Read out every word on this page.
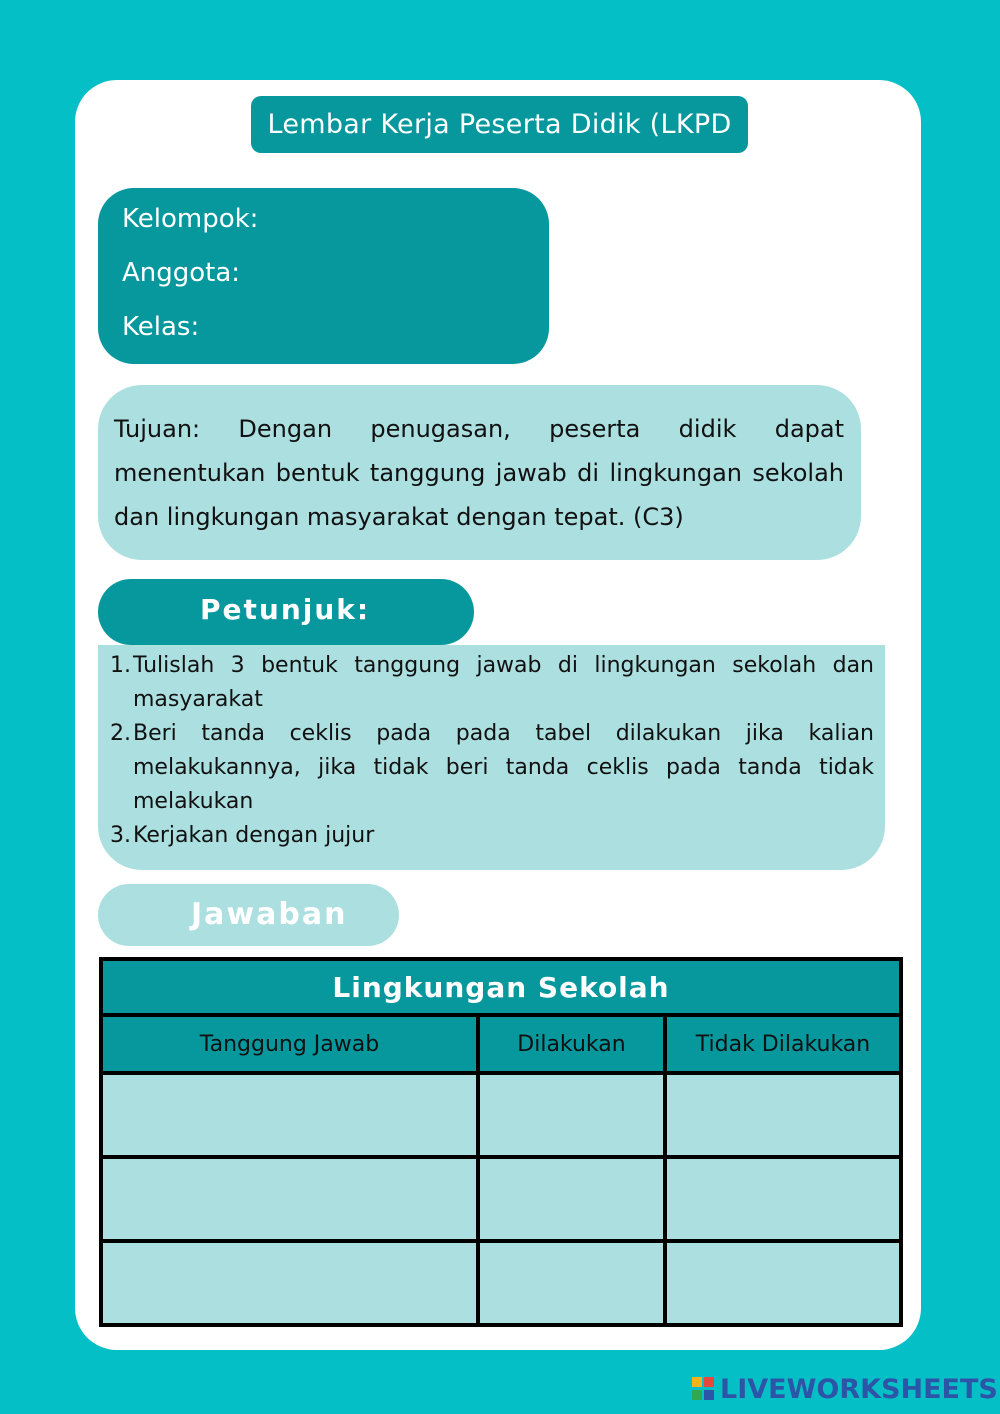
Lembar Kerja Peserta Didik (LKPD
Kelompok:
Anggota:
Kelas:

Tujuan: Dengan penugasan, peserta didik dapat menentukan bentuk tanggung jawab di lingkungan sekolah dan lingkungan masyarakat dengan tepat. (C3)

Petunjuk:
1. Tulislah 3 bentuk tanggung jawab di lingkungan sekolah dan masyarakat
2. Beri tanda ceklis pada pada tabel dilakukan jika kalian melakukannya, jika tidak beri tanda ceklis pada tanda tidak melakukan
3. Kerjakan dengan jujur
Jawaban
Lingkungan Sekolah		
Tanggung Jawab	Dilakukan	Tidak Dilakukan

LIVEWORKSHEETS
